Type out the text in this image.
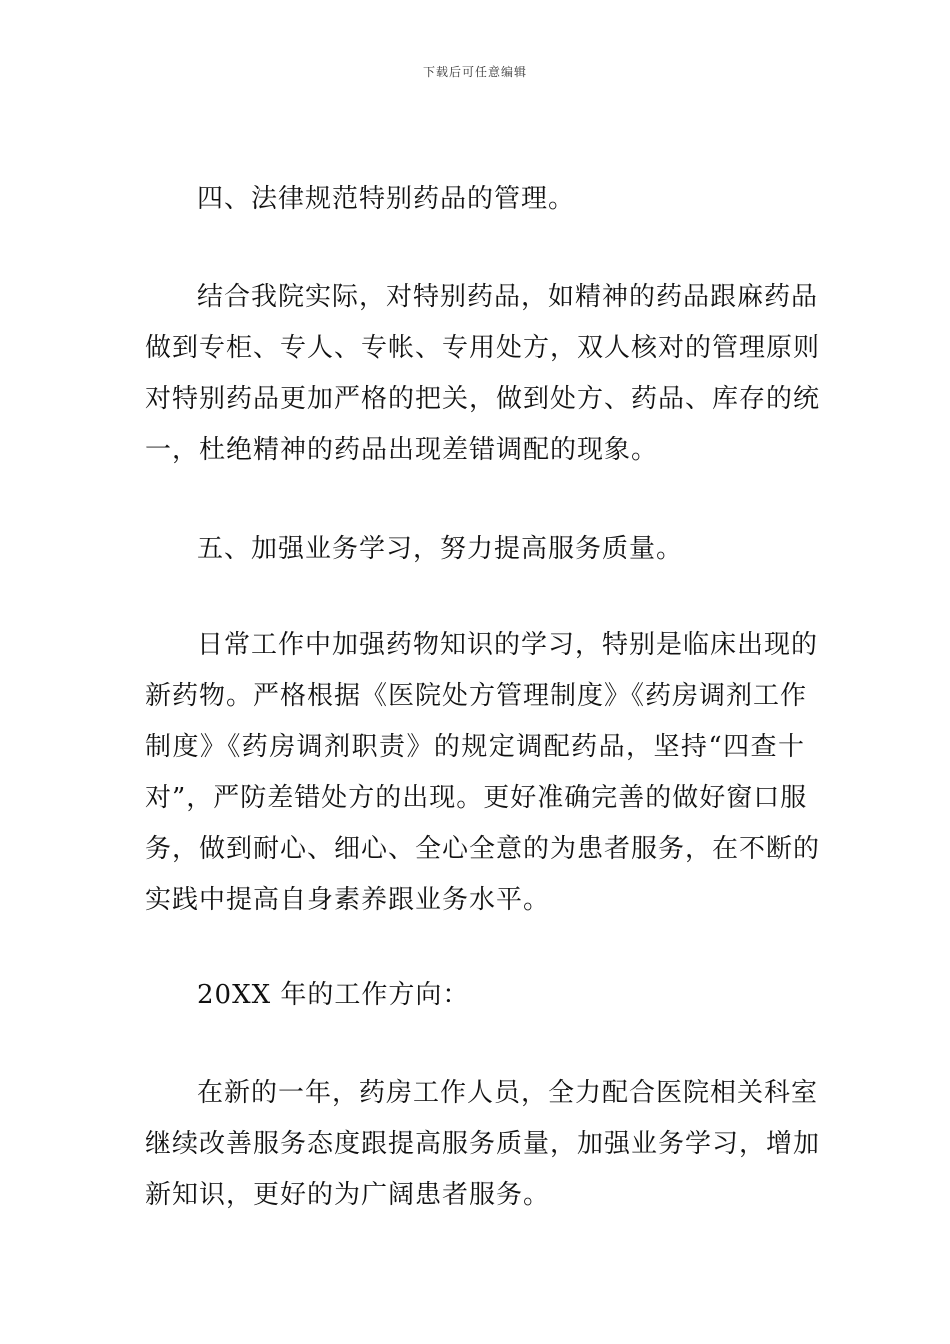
下载后可任意编辑
四、法律规范特别药品的管理。
结合我院实际，对特别药品，如精神的药品跟麻药品
做到专柜、专人、专帐、专用处方，双人核对的管理原则
对特别药品更加严格的把关，做到处方、药品、库存的统
一，杜绝精神的药品出现差错调配的现象。
五、加强业务学习，努力提高服务质量。
日常工作中加强药物知识的学习，特别是临床出现的
新药物。严格根据《医院处方管理制度》《药房调剂工作
制度》《药房调剂职责》的规定调配药品，坚持“四查十
对”，严防差错处方的出现。更好准确完善的做好窗口服
务，做到耐心、细心、全心全意的为患者服务，在不断的
实践中提高自身素养跟业务水平。
20XX 年的工作方向：
在新的一年，药房工作人员，全力配合医院相关科室
继续改善服务态度跟提高服务质量，加强业务学习，增加
新知识，更好的为广阔患者服务。
